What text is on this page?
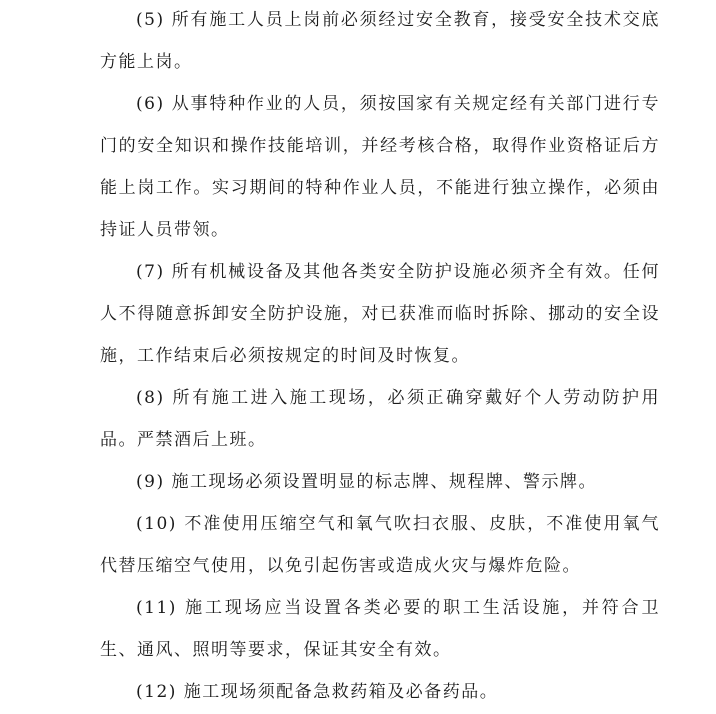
(5) 所有施工人员上岗前必须经过安全教育，接受安全技术交底方能上岗。

(6) 从事特种作业的人员，须按国家有关规定经有关部门进行专门的安全知识和操作技能培训，并经考核合格，取得作业资格证后方能上岗工作。实习期间的特种作业人员，不能进行独立操作，必须由持证人员带领。

(7) 所有机械设备及其他各类安全防护设施必须齐全有效。任何人不得随意拆卸安全防护设施，对已获准而临时拆除、挪动的安全设施，工作结束后必须按规定的时间及时恢复。

(8) 所有施工进入施工现场，必须正确穿戴好个人劳动防护用品。严禁酒后上班。

(9) 施工现场必须设置明显的标志牌、规程牌、警示牌。

(10) 不准使用压缩空气和氧气吹扫衣服、皮肤，不准使用氧气代替压缩空气使用，以免引起伤害或造成火灾与爆炸危险。

(11) 施工现场应当设置各类必要的职工生活设施，并符合卫生、通风、照明等要求，保证其安全有效。

(12) 施工现场须配备急救药箱及必备药品。
